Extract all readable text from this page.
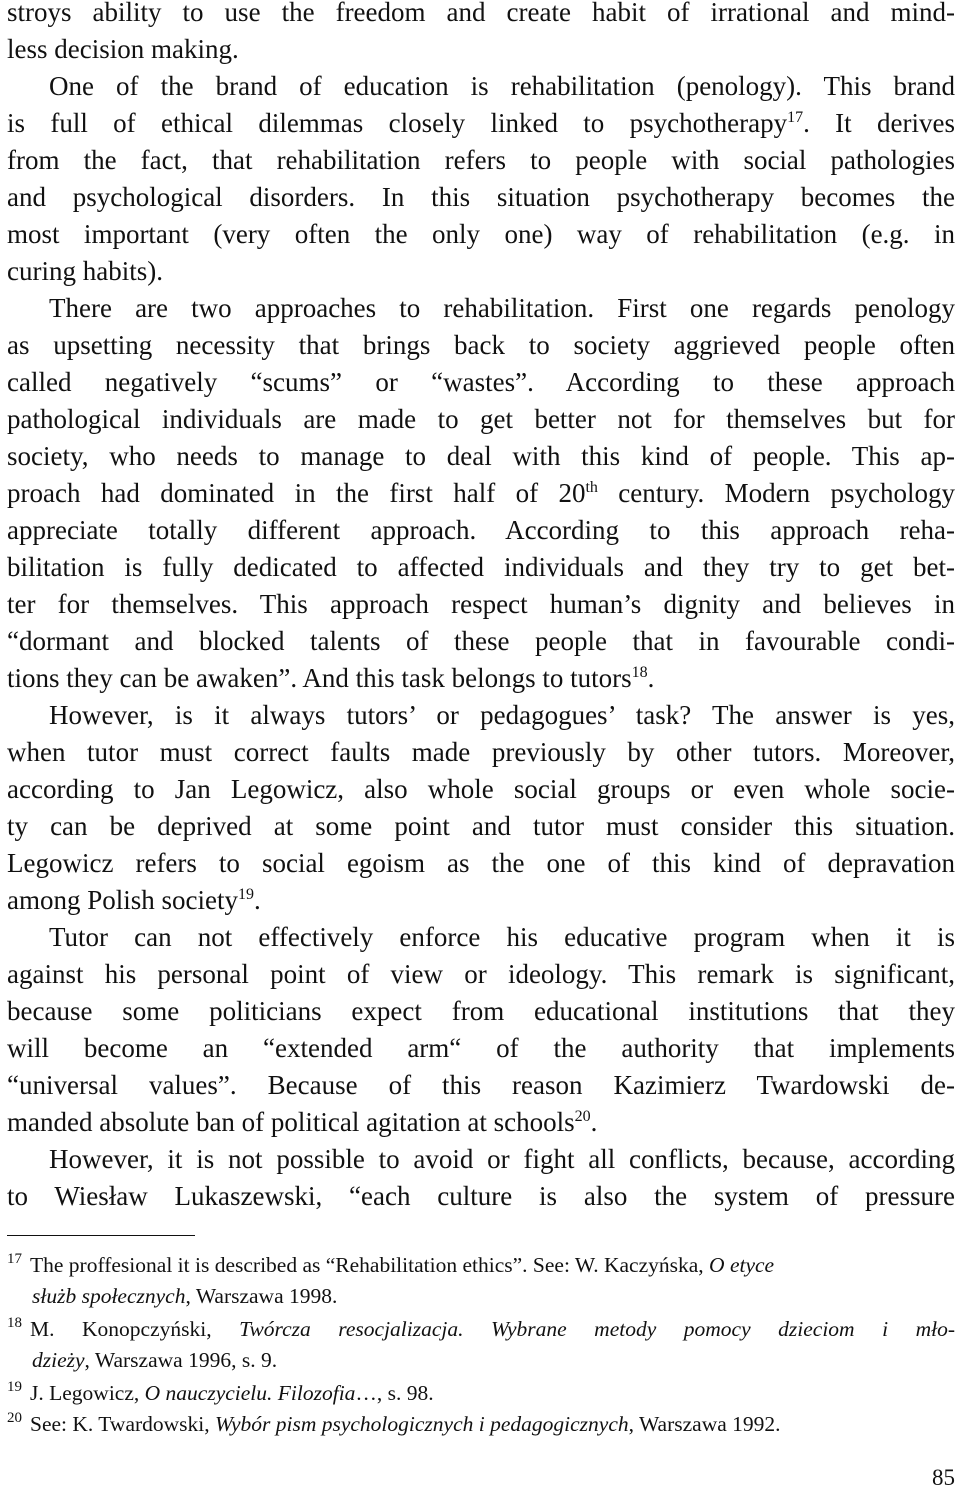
stroys ability to use the freedom and create habit of irrational and mind-
less decision making.
One of the brand of education is rehabilitation (penology). This brand
is full of ethical dilemmas closely linked to psychotherapy$^{17}$. It derives
from the fact, that rehabilitation refers to people with social pathologies
and psychological disorders. In this situation psychotherapy becomes the
most important (very often the only one) way of rehabilitation (e.g. in
curing habits).
There are two approaches to rehabilitation. First one regards penology
as upsetting necessity that brings back to society aggrieved people often
called negatively “scums” or “wastes”. According to these approach
pathological individuals are made to get better not for themselves but for
society, who needs to manage to deal with this kind of people. This ap-
proach had dominated in the first half of 20th century. Modern psychology
appreciate totally different approach. According to this approach reha-
bilitation is fully dedicated to affected individuals and they try to get bet-
ter for themselves. This approach respect human’s dignity and believes in
“dormant and blocked talents of these people that in favourable condi-
tions they can be awaken”. And this task belongs to tutors$^{18}$.
However, is it always tutors’ or pedagogues’ task? The answer is yes,
when tutor must correct faults made previously by other tutors. Moreover,
according to Jan Legowicz, also whole social groups or even whole socie-
ty can be deprived at some point and tutor must consider this situation.
Legowicz refers to social egoism as the one of this kind of depravation
among Polish society$^{19}$.
Tutor can not effectively enforce his educative program when it is
against his personal point of view or ideology. This remark is significant,
because some politicians expect from educational institutions that they
will become an “extended arm“ of the authority that implements
“universal values”. Because of this reason Kazimierz Twardowski de-
manded absolute ban of political agitation at schools$^{20}$.
However, it is not possible to avoid or fight all conflicts, because, according
to Wiesław Lukaszewski, “each culture is also the system of pressure
$^{17}$ The proffesional it is described as “Rehabilitation ethics”. See: W. Kaczyńska, O etyce
służb społecznych, Warszawa 1998.
$^{18}$ M. Konopczyński, Twórcza resocjalizacja. Wybrane metody pomocy dzieciom i mło-
dzieży, Warszawa 1996, s. 9.
$^{19}$ J. Legowicz, O nauczycielu. Filozofia…, s. 98.
$^{20}$ See: K. Twardowski, Wybór pism psychologicznych i pedagogicznych, Warszawa 1992.
85
